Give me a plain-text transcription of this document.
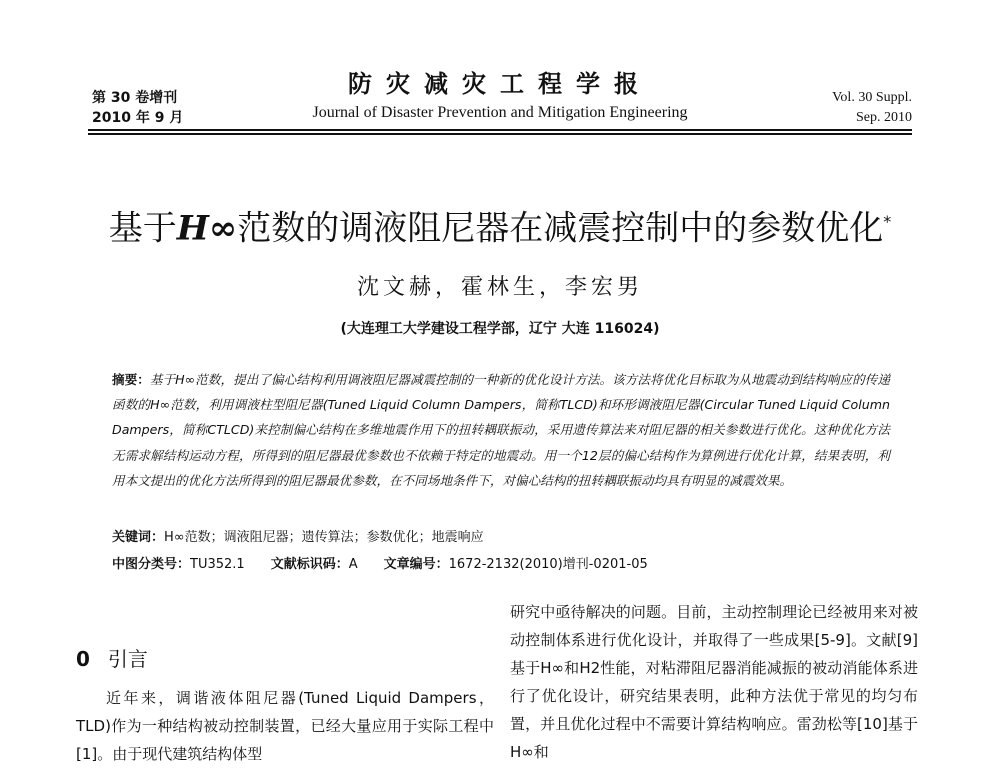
第 30 卷增刊
2010 年 9 月
防灾减灾工程学报
Journal of Disaster Prevention and Mitigation Engineering
Vol. 30 Suppl.
Sep. 2010
基于H∞范数的调液阻尼器在减震控制中的参数优化*
沈文赫，霍林生，李宏男
(大连理工大学建设工程学部，辽宁 大连 116024)
摘要：基于H∞范数，提出了偏心结构利用调液阻尼器减震控制的一种新的优化设计方法。该方法将优化目标取为从地震动到结构响应的传递函数的H∞范数，利用调液柱型阻尼器(Tuned Liquid Column Dampers，简称TLCD)和环形调液阻尼器(Circular Tuned Liquid Column Dampers，简称CTLCD)来控制偏心结构在多维地震作用下的扭转耦联振动，采用遗传算法来对阻尼器的相关参数进行优化。这种优化方法无需求解结构运动方程，所得到的阻尼器最优参数也不依赖于特定的地震动。用一个12层的偏心结构作为算例进行优化计算，结果表明，利用本文提出的优化方法所得到的阻尼器最优参数，在不同场地条件下，对偏心结构的扭转耦联振动均具有明显的减震效果。
关键词：H∞范数；调液阻尼器；遗传算法；参数优化；地震响应
中图分类号：TU352.1 文献标识码：A 文章编号：1672-2132(2010)增刊-0201-05
0 引言

近年来，调谐液体阻尼器(Tuned Liquid Dampers，TLD)作为一种结构被动控制装置，已经大量应用于实际工程中[1]。由于现代建筑结构体型

研究中亟待解决的问题。目前，主动控制理论已经被用来对被动控制体系进行优化设计，并取得了一些成果[5-9]。文献[9]基于H∞和H2性能，对粘滞阻尼器消能减振的被动消能体系进行了优化设计，研究结果表明，此种方法优于常见的均匀布置，并且优化过程中不需要计算结构响应。雷劲松等[10]基于H∞和
